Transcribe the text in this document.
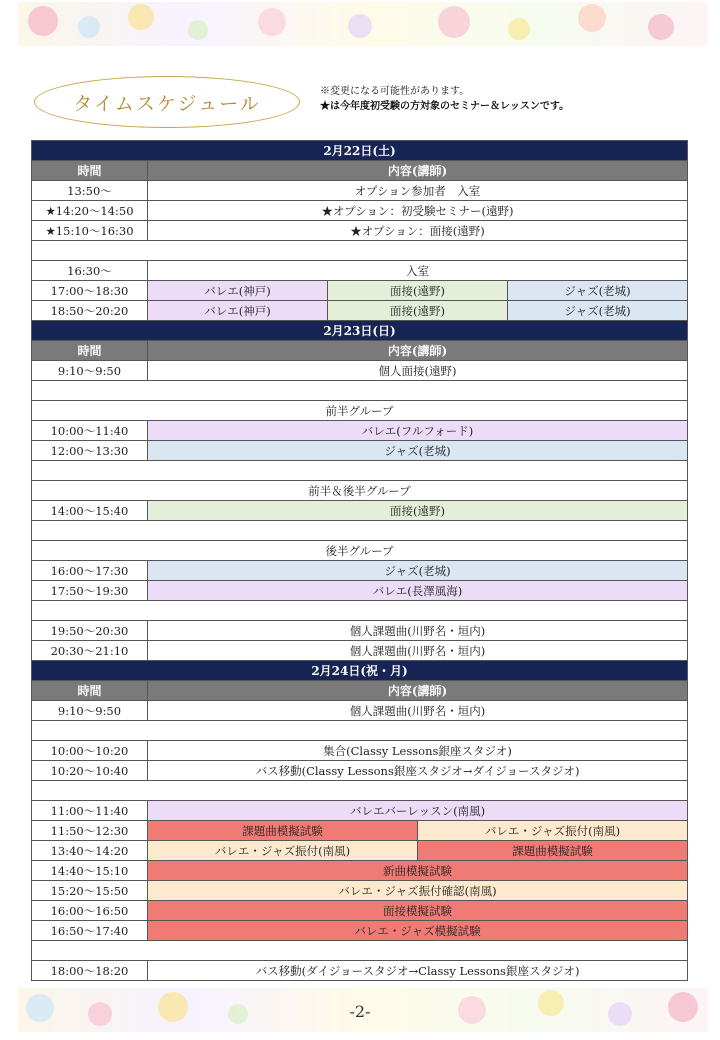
タイムスケジュール
※変更になる可能性があります。
★は今年度初受験の方対象のセミナー＆レッスンです。
2月22日(土)				
時間	内容(講師)			
13:50～	オプション参加者　入室			
★14:20～14:50	★オプション：初受験セミナー(遠野)			
★15:10～16:30	★オプション：面接(遠野)			

16:30～	入室			
17:00～18:30	バレエ(神戸)	面接(遠野)		ジャズ(老城)
18:50～20:20	バレエ(神戸)	面接(遠野)		ジャズ(老城)
2月23日(日)				
時間	内容(講師)			
9:10～9:50	個人面接(遠野)			

前半グループ				
10:00～11:40	バレエ(フルフォード)			
12:00～13:30	ジャズ(老城)			

前半＆後半グループ				
14:00～15:40	面接(遠野)			

後半グループ				
16:00～17:30	ジャズ(老城)			
17:50～19:30	バレエ(長澤風海)			

19:50～20:30	個人課題曲(川野名・垣内)			
20:30～21:10	個人課題曲(川野名・垣内)			
2月24日(祝・月)				
時間	内容(講師)			
9:10～9:50	個人課題曲(川野名・垣内)			

10:00～10:20	集合(Classy Lessons銀座スタジオ)			
10:20～10:40	バス移動(Classy Lessons銀座スタジオ→ダイジョースタジオ)			

11:00～11:40	バレエバーレッスン(南風)			
11:50～12:30	課題曲模擬試験		バレエ・ジャズ振付(南風)	
13:40～14:20	バレエ・ジャズ振付(南風)		課題曲模擬試験	
14:40～15:10	新曲模擬試験			
15:20～15:50	バレエ・ジャズ振付確認(南風)			
16:00～16:50	面接模擬試験			
16:50～17:40	バレエ・ジャズ模擬試験			

18:00～18:20	バス移動(ダイジョースタジオ→Classy Lessons銀座スタジオ)			
-2-
